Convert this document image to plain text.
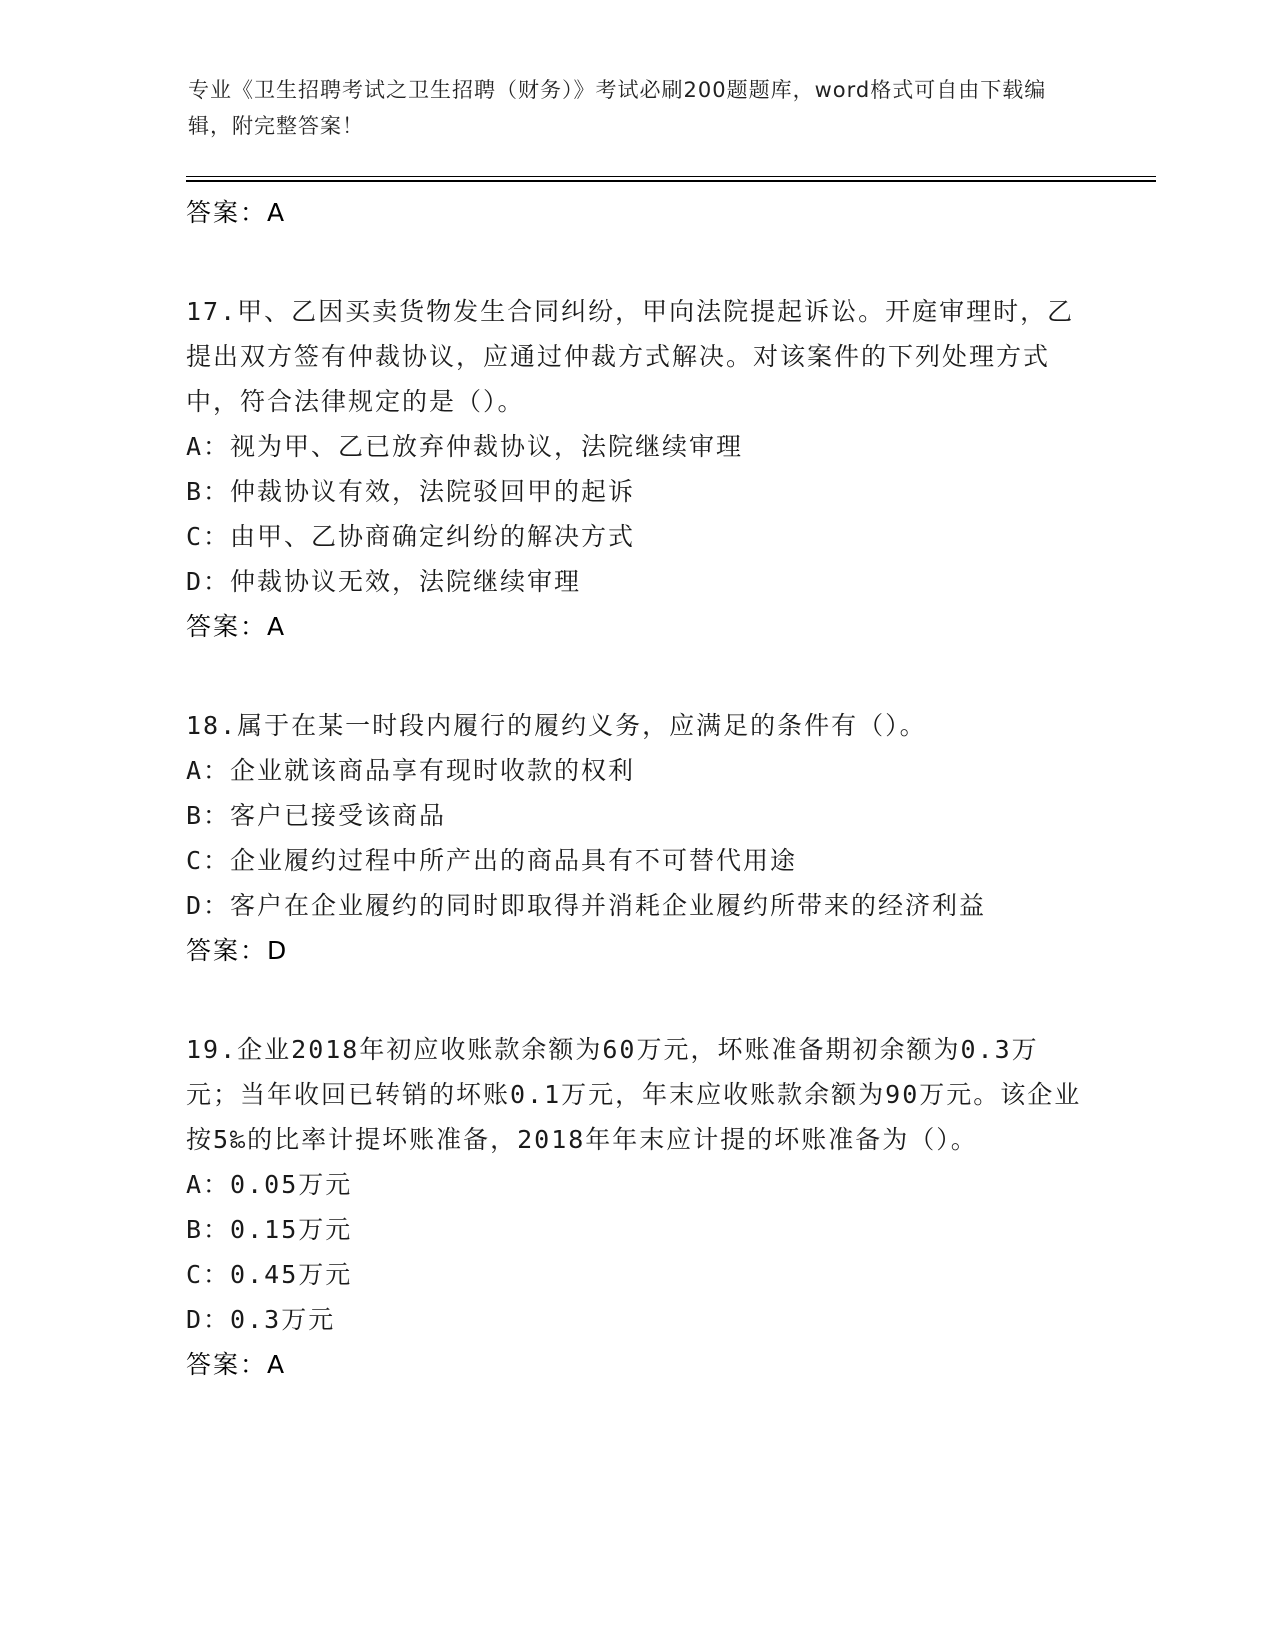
专业《卫生招聘考试之卫生招聘（财务）》考试必刷200题题库，word格式可自由下载编辑，附完整答案！
答案：A
17.甲、乙因买卖货物发生合同纠纷，甲向法院提起诉讼。开庭审理时，乙提出双方签有仲裁协议，应通过仲裁方式解决。对该案件的下列处理方式中，符合法律规定的是（）。
A：视为甲、乙已放弃仲裁协议，法院继续审理
B：仲裁协议有效，法院驳回甲的起诉
C：由甲、乙协商确定纠纷的解决方式
D：仲裁协议无效，法院继续审理
答案：A
18.属于在某一时段内履行的履约义务，应满足的条件有（）。
A：企业就该商品享有现时收款的权利
B：客户已接受该商品
C：企业履约过程中所产出的商品具有不可替代用途
D：客户在企业履约的同时即取得并消耗企业履约所带来的经济利益
答案：D
19.企业2018年初应收账款余额为60万元，坏账准备期初余额为0.3万元；当年收回已转销的坏账0.1万元，年末应收账款余额为90万元。该企业按5‰的比率计提坏账准备，2018年年末应计提的坏账准备为（）。
A：0.05万元
B：0.15万元
C：0.45万元
D：0.3万元
答案：A
